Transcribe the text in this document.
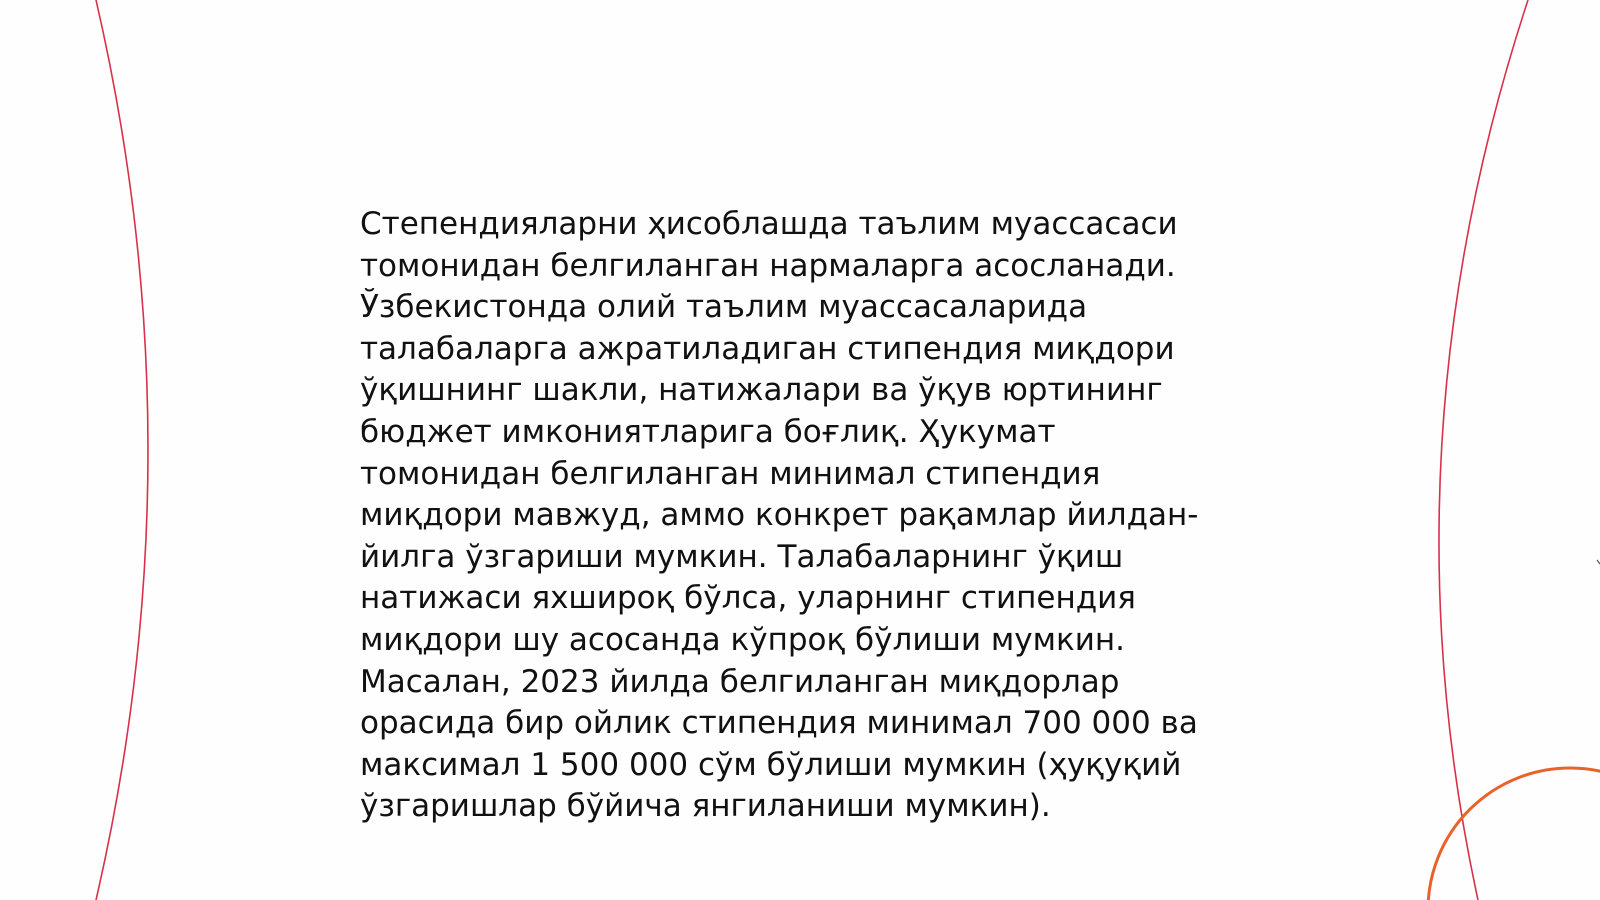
Степендияларни ҳисоблашда таълим муассасаси
томонидан белгиланган нармаларга асосланади.
Ўзбекистонда олий таълим муассасаларида
талабаларга ажратиладиган стипендия миқдори
ўқишнинг шакли, натижалари ва ўқув юртининг
бюджет имкониятларига боғлиқ. Ҳукумат
томонидан белгиланган минимал стипендия
миқдори мавжуд, аммо конкрет рақамлар йилдан-
йилга ўзгариши мумкин. Талабаларнинг ўқиш
натижаси яхшироқ бўлса, уларнинг стипендия
миқдори шу асосанда кўпроқ бўлиши мумкин.
Масалан, 2023 йилда белгиланган миқдорлар
орасида бир ойлик стипендия минимал 700 000 ва
максимал 1 500 000 сўм бўлиши мумкин (ҳуқуқий
ўзгаришлар бўйича янгиланиши мумкин).
